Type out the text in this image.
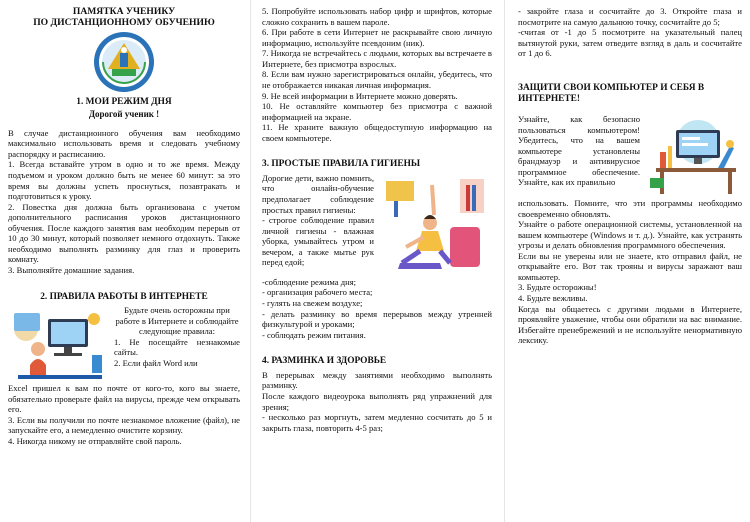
ПАМЯТКА УЧЕНИКУ
ПО ДИСТАНЦИОННОМУ ОБУЧЕНИЮ
1. МОИ РЕЖИМ ДНЯ
Дорогой ученик !

В случае дистанционного обучения вам необходимо максимально использовать время и следовать учебному распорядку и расписанию.

1. Всегда вставайте утром в одно и то же время. Между подъемом и уроком должно быть не менее 60 минут: за это время вы должны успеть проснуться, позавтракать и подготовиться к уроку.

2. Повестка дня должна быть организована с учетом дополнительного расписания уроков дистанционного обучения. После каждого занятия вам необходим перерыв от 10 до 30 минут, который позволяет немного отдохнуть. Также необходимо выполнять разминку для глаз и проверить комнату.

3. Выполняйте домашние задания.

2. ПРАВИЛА РАБОТЫ В ИНТЕРНЕТЕ

Будьте очень осторожны при работе в Интернете и соблюдайте следующие правила:

1. Не посещайте незнакомые сайты.

2. Если файл Word или

Excel пришел к вам по почте от кого-то, кого вы знаете, обязательно проверьте файл на вирусы, прежде чем открывать его.

3. Если вы получили по почте незнакомое вложение (файл), не запускайте его, а немедленно очистите корзину.

4. Никогда никому не отправляйте свой пароль.

5. Попробуйте использовать набор цифр и шрифтов, которые сложно сохранить в вашем пароле.

6. При работе в сети Интернет не раскрывайте свою личную информацию, используйте псевдоним (ник).

7. Никогда не встречайтесь с людьми, которых вы встречаете в Интернете, без присмотра взрослых.

8. Если вам нужно зарегистрироваться онлайн, убедитесь, что не отображается никакая личная информация.

9. Не всей информации в Интернете можно доверять.

10. Не оставляйте компьютер без присмотра с важной информацией на экране.

11. Не храните важную общедоступную информацию на своем компьютере.

3. ПРОСТЫЕ ПРАВИЛА ГИГИЕНЫ

Дорогие дети, важно помнить, что онлайн-обучение предполагает соблюдение простых правил гигиены:

- строгое соблюдение правил личной гигиены - влажная уборка, умывайтесь утром и вечером, а также мытье рук перед едой;

-соблюдение режима дня;

- организация рабочего места;

- гулять на свежем воздухе;

- делать разминку во время перерывов между утренней физкультурой и уроками;

- соблюдать режим питания.

4. РАЗМИНКА И ЗДОРОВЬЕ

В перерывах между занятиями необходимо выполнять разминку.

После каждого видеоурока выполнять ряд упражнений для зрения;

- несколько раз моргнуть, затем медленно сосчитать до 5 и закрыть глаза, повторить 4-5 раз;

- закройте глаза и сосчитайте до 3. Откройте глаза и посмотрите на самую дальнюю точку, сосчитайте до 5;

-считая от -1 до 5 посмотрите на указательный палец вытянутой руки, затем отведите взгляд в даль и сосчитайте от 1 до 6.

ЗАЩИТИ СВОИ КОМПЬЮТЕР И СЕБЯ В ИНТЕРНЕТЕ!

Узнайте, как безопасно пользоваться компьютером! Убедитесь, что на вашем компьютере установлены брандмауэр и антивирусное программное обеспечение. Узнайте, как их правильно

использовать. Помните, что эти программы необходимо своевременно обновлять.

Узнайте о работе операционной системы, установленной на вашем компьютере (Windows и т. д.). Узнайте, как устранять угрозы и делать обновления программного обеспечения.

Если вы не уверены или не знаете, кто отправил файл, не открывайте его. Вот так трояны и вирусы заражают ваш компьютер.

3. Будьте осторожны!

4. Будьте вежливы.

Когда вы общаетесь с другими людьми в Интернете, проявляйте уважение, чтобы они обратили на вас внимание. Избегайте пренебрежений и не используйте ненормативную лексику.
